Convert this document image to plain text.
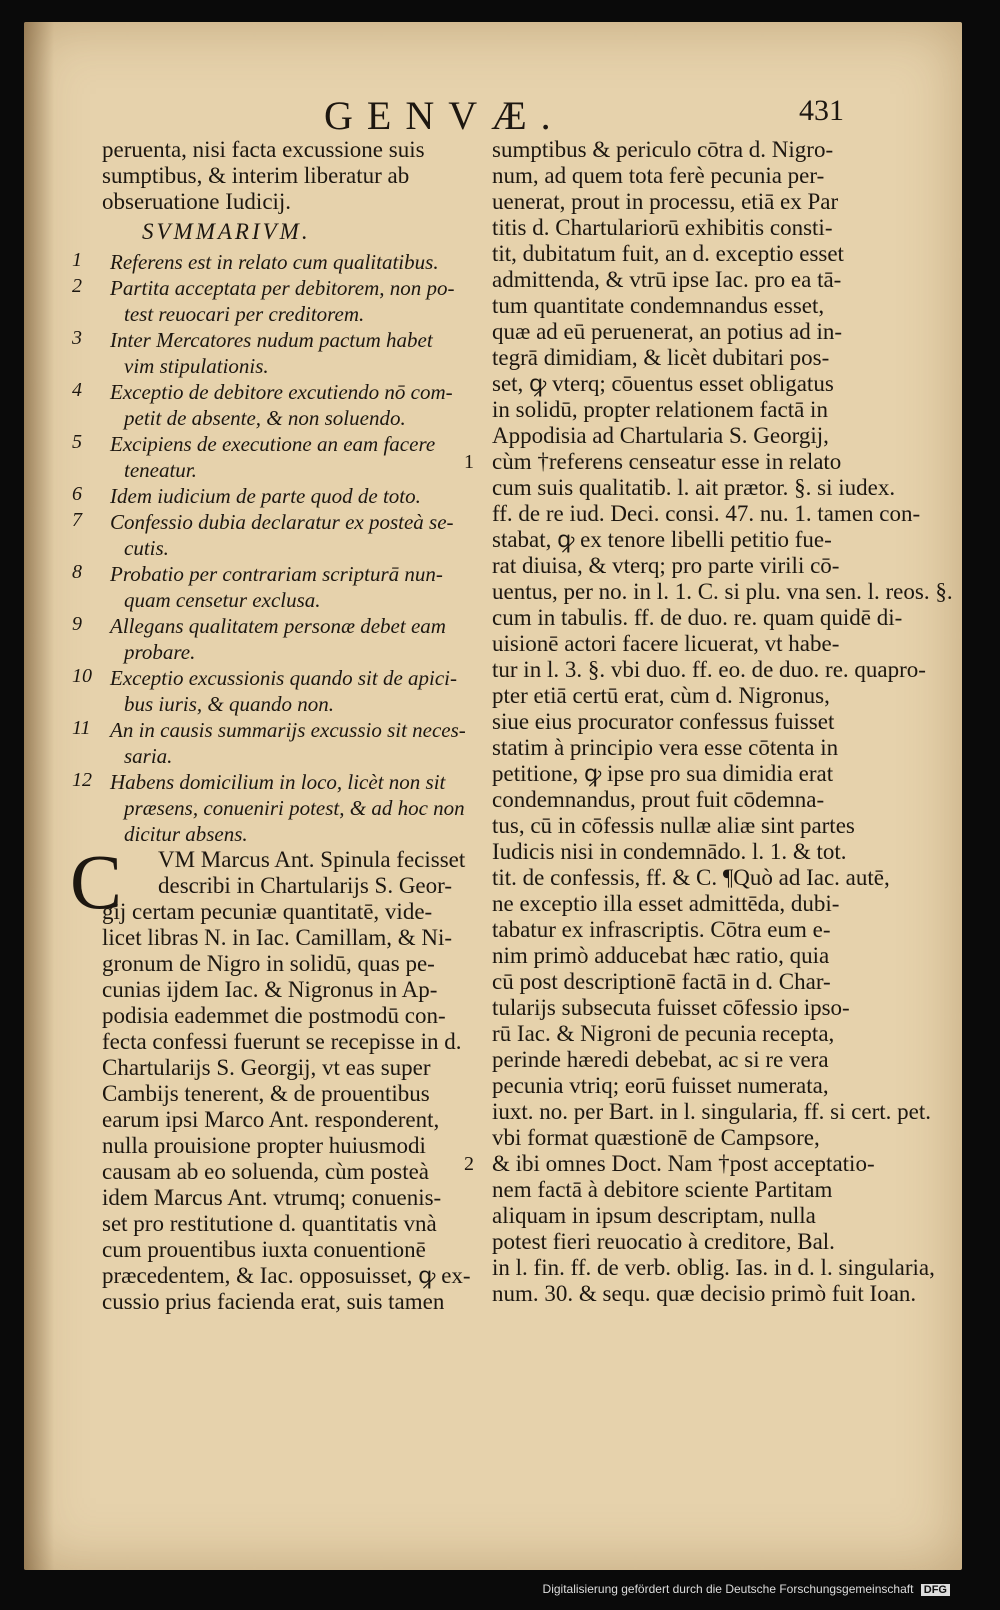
GENVÆ.	431
peruenta, nisi facta excussione suis
sumptibus, & interim liberatur ab
obseruatione Iudicij.
SVMMARIVM.
1 Referens est in relato cum qualitatibus.
2 Partita acceptata per debitorem, non po-
test reuocari per creditorem.
3 Inter Mercatores nudum pactum habet
vim stipulationis.
4 Exceptio de debitore excutiendo nō com-
petit de absente, & non soluendo.
5 Excipiens de executione an eam facere
teneatur.
6 Idem iudicium de parte quod de toto.
7 Confessio dubia declaratur ex posteà se-
cutis.
8 Probatio per contrariam scripturā nun-
quam censetur exclusa.
9 Allegans qualitatem personæ debet eam
probare.
10 Exceptio excussionis quando sit de apici-
bus iuris, & quando non.
11 An in causis summarijs excussio sit neces-
saria.
12 Habens domicilium in loco, licèt non sit
præsens, conueniri potest, & ad hoc non
dicitur absens.
C	VM Marcus Ant. Spinula fecisset
describi in Chartularijs S. Geor-
gij certam pecuniæ quantitatē, vide-
licet libras N. in Iac. Camillam, & Ni-
gronum de Nigro in solidū, quas pe-
cunias ijdem Iac. & Nigronus in Ap-
podisia eademmet die postmodū con-
fecta confessi fuerunt se recepisse in d.
Chartularijs S. Georgij, vt eas super
Cambijs tenerent, & de prouentibus
earum ipsi Marco Ant. responderent,
nulla prouisione propter huiusmodi
causam ab eo soluenda, cùm posteà
idem Marcus Ant. vtrumq; conuenis-
set pro restitutione d. quantitatis vnà
cum prouentibus iuxta conuentionē
præcedentem, & Iac. opposuisset, ꝙ ex-
cussio prius facienda erat, suis tamen
sumptibus & periculo cōtra d. Nigro-
num, ad quem tota ferè pecunia per-
uenerat, prout in processu, etiā ex Par
titis d. Chartulariorū exhibitis consti-
tit, dubitatum fuit, an d. exceptio esset
admittenda, & vtrū ipse Iac. pro ea tā-
tum quantitate condemnandus esset,
quæ ad eū peruenerat, an potius ad in-
tegrā dimidiam, & licèt dubitari pos-
set, ꝙ vterq; cōuentus esset obligatus
in solidū, propter relationem factā in
Appodisia ad Chartularia S. Georgij,
1 cùm †referens censeatur esse in relato
cum suis qualitatib. l. ait prætor. §. si iudex.
ff. de re iud. Deci. consi. 47. nu. 1. tamen con-
stabat, ꝙ ex tenore libelli petitio fue-
rat diuisa, & vterq; pro parte virili cō-
uentus, per no. in l. 1. C. si plu. vna sen. l. reos. §.
cum in tabulis. ff. de duo. re. quam quidē di-
uisionē actori facere licuerat, vt habe-
tur in l. 3. §. vbi duo. ff. eo. de duo. re. quapro-
pter etiā certū erat, cùm d. Nigronus,
siue eius procurator confessus fuisset
statim à principio vera esse cōtenta in
petitione, ꝙ ipse pro sua dimidia erat
condemnandus, prout fuit cōdemna-
tus, cū in cōfessis nullæ aliæ sint partes
Iudicis nisi in condemnādo. l. 1. & tot.
tit. de confessis, ff. & C. ¶Quò ad Iac. autē,
ne exceptio illa esset admittēda, dubi-
tabatur ex infrascriptis. Cōtra eum e-
nim primò adducebat hæc ratio, quia
cū post descriptionē factā in d. Char-
tularijs subsecuta fuisset cōfessio ipso-
rū Iac. & Nigroni de pecunia recepta,
perinde hæredi debebat, ac si re vera
pecunia vtriq; eorū fuisset numerata,
iuxt. no. per Bart. in l. singularia, ff. si cert. pet.
vbi format quæstionē de Campsore,
2 & ibi omnes Doct. Nam †post acceptatio-
nem factā à debitore sciente Partitam
aliquam in ipsum descriptam, nulla
potest fieri reuocatio à creditore, Bal.
in l. fin. ff. de verb. oblig. Ias. in d. l. singularia,
num. 30. & sequ. quæ decisio primò fuit Ioan.
Digitalisierung gefördert durch die Deutsche Forschungsgemeinschaft DFG
